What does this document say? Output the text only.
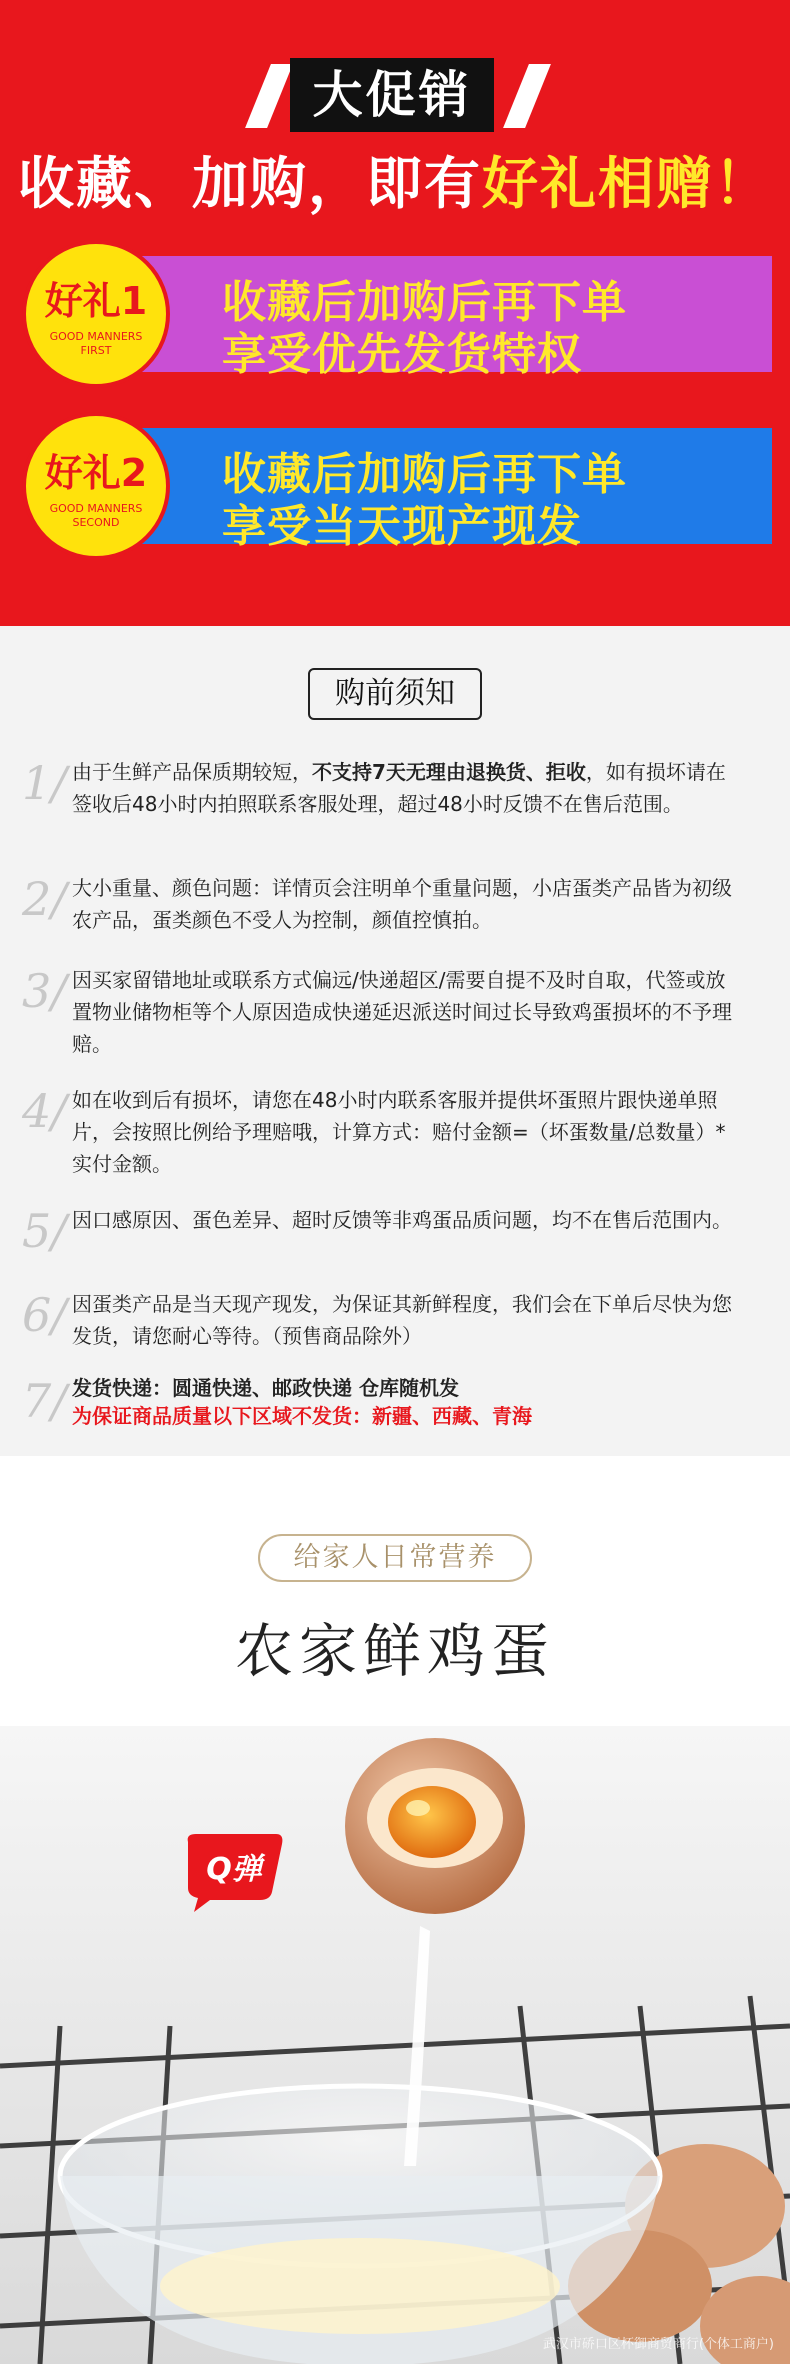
大促销
收藏、加购，即有好礼相赠！
收藏后加购后再下单
享受优先发货特权
好礼1
GOOD MANNERS
FIRST
收藏后加购后再下单
享受当天现产现发
好礼2
GOOD MANNERS
SECOND
购前须知
1/ 由于生鲜产品保质期较短，不支持7天无理由退换货、拒收，如有损坏请在签收后48小时内拍照联系客服处理，超过48小时反馈不在售后范围。
2/ 大小重量、颜色问题：详情页会注明单个重量问题，小店蛋类产品皆为初级农产品，蛋类颜色不受人为控制，颜值控慎拍。
3/ 因买家留错地址或联系方式偏远/快递超区/需要自提不及时自取，代签或放置物业储物柜等个人原因造成快递延迟派送时间过长导致鸡蛋损坏的不予理赔。
4/ 如在收到后有损坏，请您在48小时内联系客服并提供坏蛋照片跟快递单照片，会按照比例给予理赔哦，计算方式：赔付金额=（坏蛋数量/总数量）*实付金额。
5/ 因口感原因、蛋色差异、超时反馈等非鸡蛋品质问题，均不在售后范围内。
6/ 因蛋类产品是当天现产现发，为保证其新鲜程度，我们会在下单后尽快为您发货，请您耐心等待。（预售商品除外）
7/ 发货快递：圆通快递、邮政快递 仓库随机发
为保证商品质量以下区域不发货：新疆、西藏、青海
给家人日常营养
农家鲜鸡蛋
Q弹
武汉市硚口区杯御商贸商行(个体工商户)
